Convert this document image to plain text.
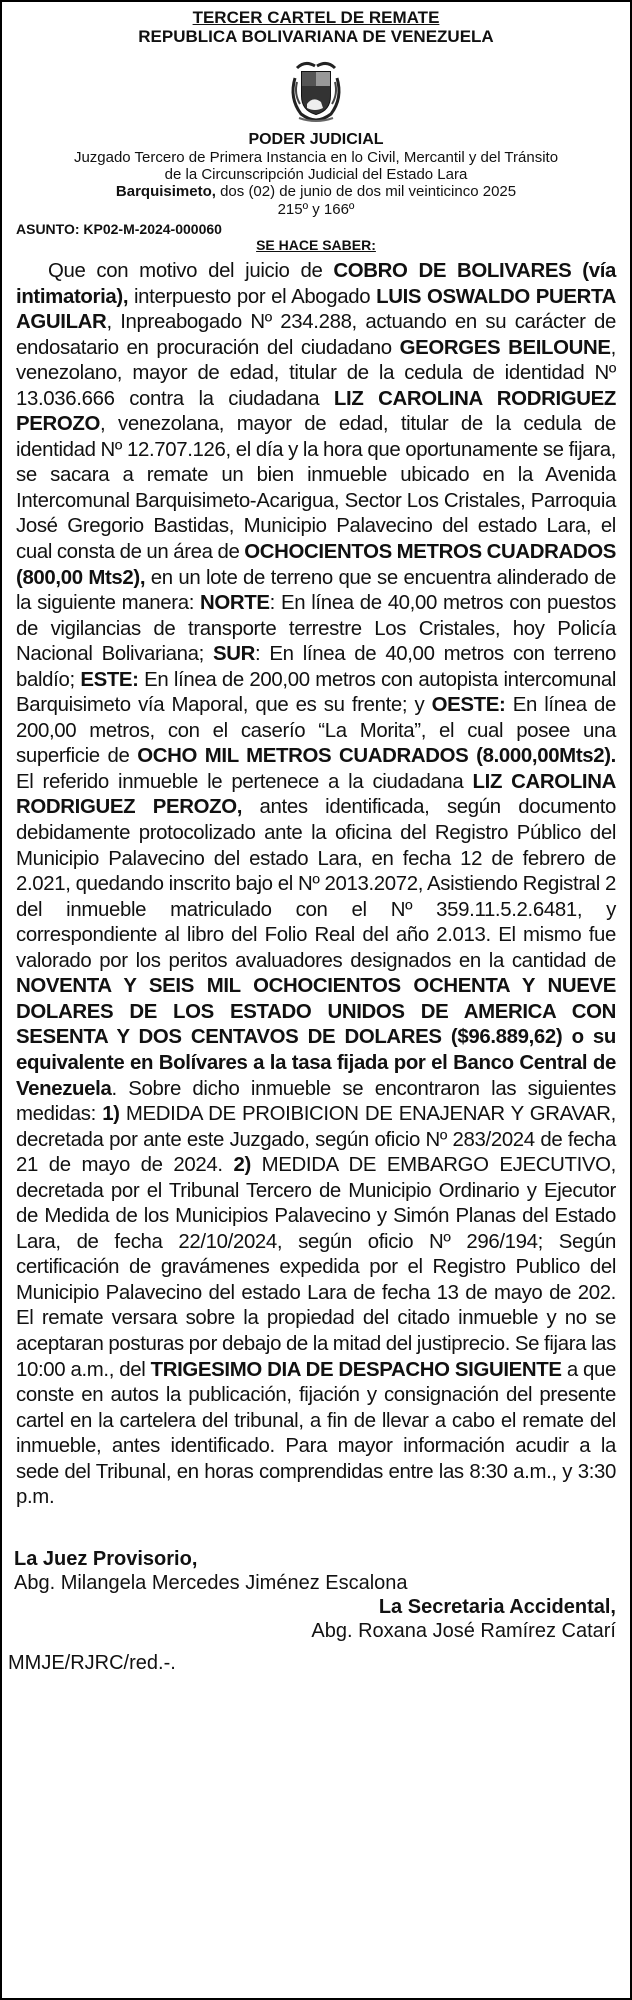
TERCER CARTEL DE REMATE
REPUBLICA BOLIVARIANA DE VENEZUELA
PODER JUDICIAL
Juzgado Tercero de Primera Instancia en lo Civil, Mercantil y del Tránsito
de la Circunscripción Judicial del Estado Lara
Barquisimeto, dos (02) de junio de dos mil veinticinco 2025
215º y 166º
ASUNTO: KP02-M-2024-000060
SE HACE SABER:
Que con motivo del juicio de COBRO DE BOLIVARES (vía intimatoria), interpuesto por el Abogado LUIS OSWALDO PUERTA AGUILAR, Inpreabogado Nº 234.288, actuando en su carácter de endosatario en procuración del ciudadano GEORGES BEILOUNE, venezolano, mayor de edad, titular de la cedula de identidad Nº 13.036.666 contra la ciudadana LIZ CAROLINA RODRIGUEZ PEROZO, venezolana, mayor de edad, titular de la cedula de identidad Nº 12.707.126, el día y la hora que oportunamente se fijara, se sacara a remate un bien inmueble ubicado en la Avenida Intercomunal Barquisimeto-Acarigua, Sector Los Cristales, Parroquia José Gregorio Bastidas, Municipio Palavecino del estado Lara, el cual consta de un área de OCHOCIENTOS METROS CUADRADOS (800,00 Mts2), en un lote de terreno que se encuentra alinderado de la siguiente manera: NORTE: En línea de 40,00 metros con puestos de vigilancias de transporte terrestre Los Cristales, hoy Policía Nacional Bolivariana; SUR: En línea de 40,00 metros con terreno baldío; ESTE: En línea de 200,00 metros con autopista intercomunal Barquisimeto vía Maporal, que es su frente; y OESTE: En línea de 200,00 metros, con el caserío “La Morita”, el cual posee una superficie de OCHO MIL METROS CUADRADOS (8.000,00Mts2). El referido inmueble le pertenece a la ciudadana LIZ CAROLINA RODRIGUEZ PEROZO, antes identificada, según documento debidamente protocolizado ante la oficina del Registro Público del Municipio Palavecino del estado Lara, en fecha 12 de febrero de 2.021, quedando inscrito bajo el Nº 2013.2072, Asistiendo Registral 2 del inmueble matriculado con el Nº 359.11.5.2.6481, y correspondiente al libro del Folio Real del año 2.013. El mismo fue valorado por los peritos avaluadores designados en la cantidad de NOVENTA Y SEIS MIL OCHOCIENTOS OCHENTA Y NUEVE DOLARES DE LOS ESTADO UNIDOS DE AMERICA CON SESENTA Y DOS CENTAVOS DE DOLARES ($96.889,62) o su equivalente en Bolívares a la tasa fijada por el Banco Central de Venezuela. Sobre dicho inmueble se encontraron las siguientes medidas: 1) MEDIDA DE PROIBICION DE ENAJENAR Y GRAVAR, decretada por ante este Juzgado, según oficio Nº 283/2024 de fecha 21 de mayo de 2024. 2) MEDIDA DE EMBARGO EJECUTIVO, decretada por el Tribunal Tercero de Municipio Ordinario y Ejecutor de Medida de los Municipios Palavecino y Simón Planas del Estado Lara, de fecha 22/10/2024, según oficio Nº 296/194; Según certificación de gravámenes expedida por el Registro Publico del Municipio Palavecino del estado Lara de fecha 13 de mayo de 202. El remate versara sobre la propiedad del citado inmueble y no se aceptaran posturas por debajo de la mitad del justiprecio. Se fijara las 10:00 a.m., del TRIGESIMO DIA DE DESPACHO SIGUIENTE a que conste en autos la publicación, fijación y consignación del presente cartel en la cartelera del tribunal, a fin de llevar a cabo el remate del inmueble, antes identificado. Para mayor información acudir a la sede del Tribunal, en horas comprendidas entre las 8:30 a.m., y 3:30 p.m.
La Juez Provisorio,
Abg. Milangela Mercedes Jiménez Escalona
La Secretaria Accidental,
Abg. Roxana José Ramírez Catarí
MMJE/RJRC/red.-.
